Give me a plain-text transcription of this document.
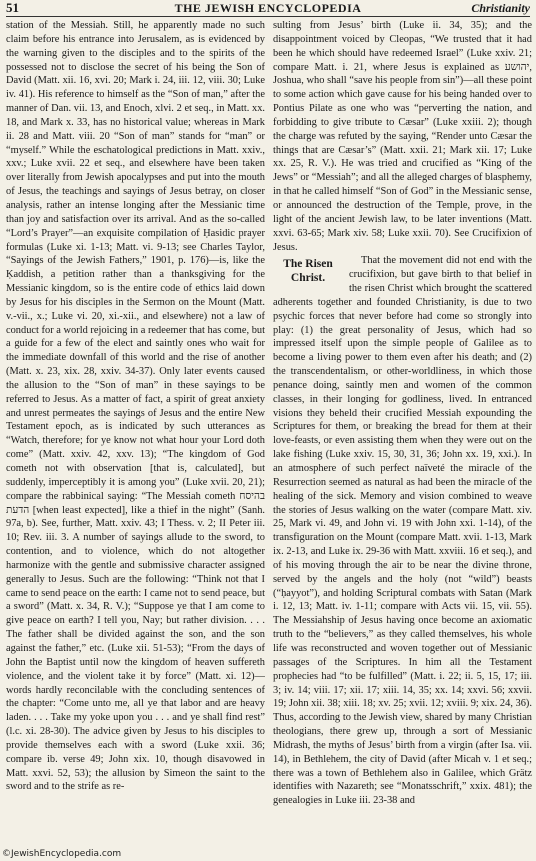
51	THE JEWISH ENCYCLOPEDIA	Christianity

station of the Messiah. Still, he apparently made no such claim before his entrance into Jerusalem, as is evidenced by the warning given to the disciples and to the spirits of the possessed not to disclose the secret of his being the Son of David (Matt. xii. 16, xvi. 20; Mark i. 24, iii. 12, viii. 30; Luke iv. 41). His reference to himself as the “Son of man,” after the manner of Dan. vii. 13, and Enoch, xlvi. 2 et seq., in Matt. xx. 18, and Mark x. 33, has no historical value; whereas in Mark ii. 28 and Matt. viii. 20 “Son of man” stands for “man” or “myself.” While the eschatological predictions in Matt. xxiv., xxv.; Luke xvii. 22 et seq., and elsewhere have been taken over literally from Jewish apocalypses and put into the mouth of Jesus, the teachings and sayings of Jesus betray, on closer analysis, rather an intense longing after the Messianic time than joy and satisfaction over its arrival. And as the so-called “Lord’s Prayer”—an exquisite compilation of Ḥasidic prayer formulas (Luke xi. 1-13; Matt. vi. 9-13; see Charles Taylor, “Sayings of the Jewish Fathers,” 1901, p. 176)—is, like the Ḳaddish, a petition rather than a thanksgiving for the Messianic kingdom, so is the entire code of ethics laid down by Jesus for his disciples in the Sermon on the Mount (Matt. v.-vii., x.; Luke vi. 20, xi.-xii., and elsewhere) not a law of conduct for a world rejoicing in a redeemer that has come, but a guide for a few of the elect and saintly ones who wait for the immediate downfall of this world and the rise of another (Matt. x. 23, xix. 28, xxiv. 34-37). Only later events caused the allusion to the “Son of man” in these sayings to be referred to Jesus. As a matter of fact, a spirit of great anxiety and unrest permeates the sayings of Jesus and the entire New Testament epoch, as is indicated by such utterances as “Watch, therefore; for ye know not what hour your Lord doth come” (Matt. xxiv. 42, xxv. 13); “The kingdom of God cometh not with observation [that is, calculated], but suddenly, imperceptibly it is among you” (Luke xvii. 20, 21); compare the rabbinical saying: “The Messiah cometh בהיסח הדעת [when least expected], like a thief in the night” (Sanh. 97a, b). See, further, Matt. xxiv. 43; I Thess. v. 2; II Peter iii. 10; Rev. iii. 3. A number of sayings allude to the sword, to contention, and to violence, which do not altogether harmonize with the gentle and submissive character assigned generally to Jesus. Such are the following: “Think not that I came to send peace on the earth: I came not to send peace, but a sword” (Matt. x. 34, R. V.); “Suppose ye that I am come to give peace on earth? I tell you, Nay; but rather division. . . . The father shall be divided against the son, and the son against the father,” etc. (Luke xii. 51-53); “From the days of John the Baptist until now the kingdom of heaven suffereth violence, and the violent take it by force” (Matt. xi. 12)—words hardly reconcilable with the concluding sentences of the chapter: “Come unto me, all ye that labor and are heavy laden. . . . Take my yoke upon you . . . and ye shall find rest” (l.c. xi. 28-30). The advice given by Jesus to his disciples to provide themselves each with a sword (Luke xxii. 36; compare ib. verse 49; John xix. 10, though disavowed in Matt. xxvi. 52, 53); the allusion by Simeon the saint to the sword and to the strife as re-

sulting from Jesus’ birth (Luke ii. 34, 35); and the disappointment voiced by Cleopas, “We trusted that it had been he which should have redeemed Israel” (Luke xxiv. 21; compare Matt. i. 21, where Jesus is explained as יהושע, Joshua, who shall “save his people from sin”)—all these point to some action which gave cause for his being handed over to Pontius Pilate as one who was “perverting the nation, and forbidding to give tribute to Cæsar” (Luke xxiii. 2); though the charge was refuted by the saying, “Render unto Cæsar the things that are Cæsar’s” (Matt. xxii. 21; Mark xii. 17; Luke xx. 25, R. V.). He was tried and crucified as “King of the Jews” or “Messiah”; and all the alleged charges of blasphemy, in that he called himself “Son of God” in the Messianic sense, or announced the destruction of the Temple, prove, in the light of the ancient Jewish law, to be later inventions (Matt. xxvi. 63-65; Mark xiv. 58; Luke xxii. 70). See Crucifixion of Jesus.

The Risen Christ.

That the movement did not end with the crucifixion, but gave birth to that belief in the risen Christ which brought the scattered adherents together and founded Christianity, is due to two psychic forces that never before had come so strongly into play: (1) the great personality of Jesus, which had so impressed itself upon the simple people of Galilee as to become a living power to them even after his death; and (2) the transcendentalism, or other-worldliness, in which those penance doing, saintly men and women of the common classes, in their longing for godliness, lived. In entranced visions they beheld their crucified Messiah expounding the Scriptures for them, or breaking the bread for them at their love-feasts, or even assisting them when they were out on the lake fishing (Luke xxiv. 15, 30, 31, 36; John xx. 19, xxi.). In an atmosphere of such perfect naïveté the miracle of the Resurrection seemed as natural as had been the miracle of the healing of the sick. Memory and vision combined to weave the stories of Jesus walking on the water (compare Matt. xiv. 25, Mark vi. 49, and John vi. 19 with John xxi. 1-14), of the transfiguration on the Mount (compare Matt. xvii. 1-13, Mark ix. 2-13, and Luke ix. 29-36 with Matt. xxviii. 16 et seq.), and of his moving through the air to be near the divine throne, served by the angels and the holy (not “wild”) beasts (“ḥayyot”), and holding Scriptural combats with Satan (Mark i. 12, 13; Matt. iv. 1-11; compare with Acts vii. 15, vii. 55). The Messiahship of Jesus having once become an axiomatic truth to the “believers,” as they called themselves, his whole life was reconstructed and woven together out of Messianic passages of the Scriptures. In him all the Testament prophecies had “to be fulfilled” (Matt. i. 22; ii. 5, 15, 17; iii. 3; iv. 14; viii. 17; xii. 17; xiii. 14, 35; xx. 14; xxvi. 56; xxvii. 19; John xii. 38; xiii. 18; xv. 25; xvii. 12; xviii. 9; xix. 24, 36). Thus, according to the Jewish view, shared by many Christian theologians, there grew up, through a sort of Messianic Midrash, the myths of Jesus’ birth from a virgin (after Isa. vii. 14), in Bethlehem, the city of David (after Micah v. 1 et seq.; there was a town of Bethlehem also in Galilee, which Grätz identifies with Nazareth; see “Monatsschrift,” xxix. 481); the genealogies in Luke iii. 23-38 and

©JewishEncyclopedia.com
